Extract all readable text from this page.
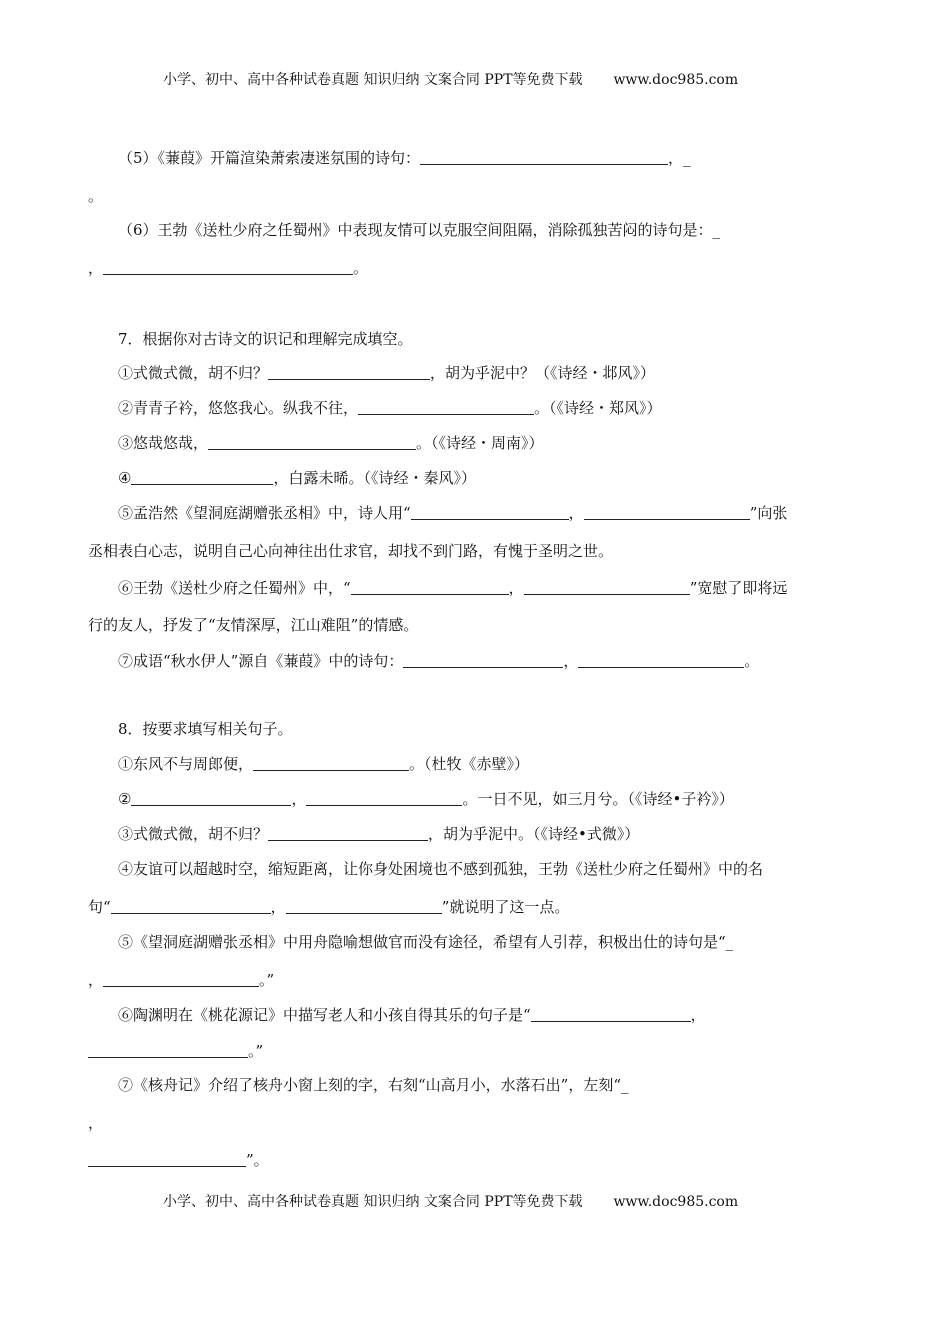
小学、初中、高中各种试卷真题 知识归纳 文案合同 PPT等免费下载 www.doc985.com
（5）《蒹葭》开篇渲染萧索凄迷氛围的诗句：	，_
。
（6）王勃《送杜少府之任蜀州》中表现友情可以克服空间阻隔，消除孤独苦闷的诗句是：_
，	。
7．根据你对古诗文的识记和理解完成填空。
①式微式微，胡不归？	，胡为乎泥中？（《诗经・邶风》）
②青青子衿，悠悠我心。纵我不往，	。（《诗经・郑风》）
③悠哉悠哉，	。（《诗经・周南》）
④	，白露未晞。（《诗经・秦风》）
⑤孟浩然《望洞庭湖赠张丞相》中，诗人用“	，	”向张
丞相表白心志，说明自己心向神往出仕求官，却找不到门路，有愧于圣明之世。
⑥王勃《送杜少府之任蜀州》中，“	，	”宽慰了即将远
行的友人，抒发了“友情深厚，江山难阻”的情感。
⑦成语“秋水伊人”源自《蒹葭》中的诗句：	，	。
8．按要求填写相关句子。
①东风不与周郎便，	。（杜牧《赤壁》）
②	，	。一日不见，如三月兮。（《诗经•子衿》）
③式微式微，胡不归？	，胡为乎泥中。（《诗经•式微》）
④友谊可以超越时空，缩短距离，让你身处困境也不感到孤独，王勃《送杜少府之任蜀州》中的名
句“	，	”就说明了这一点。
⑤《望洞庭湖赠张丞相》中用舟隐喻想做官而没有途径，希望有人引荐，积极出仕的诗句是“_
，	。”
⑥陶渊明在《桃花源记》中描写老人和小孩自得其乐的句子是“	，
。”
⑦《核舟记》介绍了核舟小窗上刻的字，右刻“山高月小，水落石出”，左刻“_
，
”。
小学、初中、高中各种试卷真题 知识归纳 文案合同 PPT等免费下载 www.doc985.com
